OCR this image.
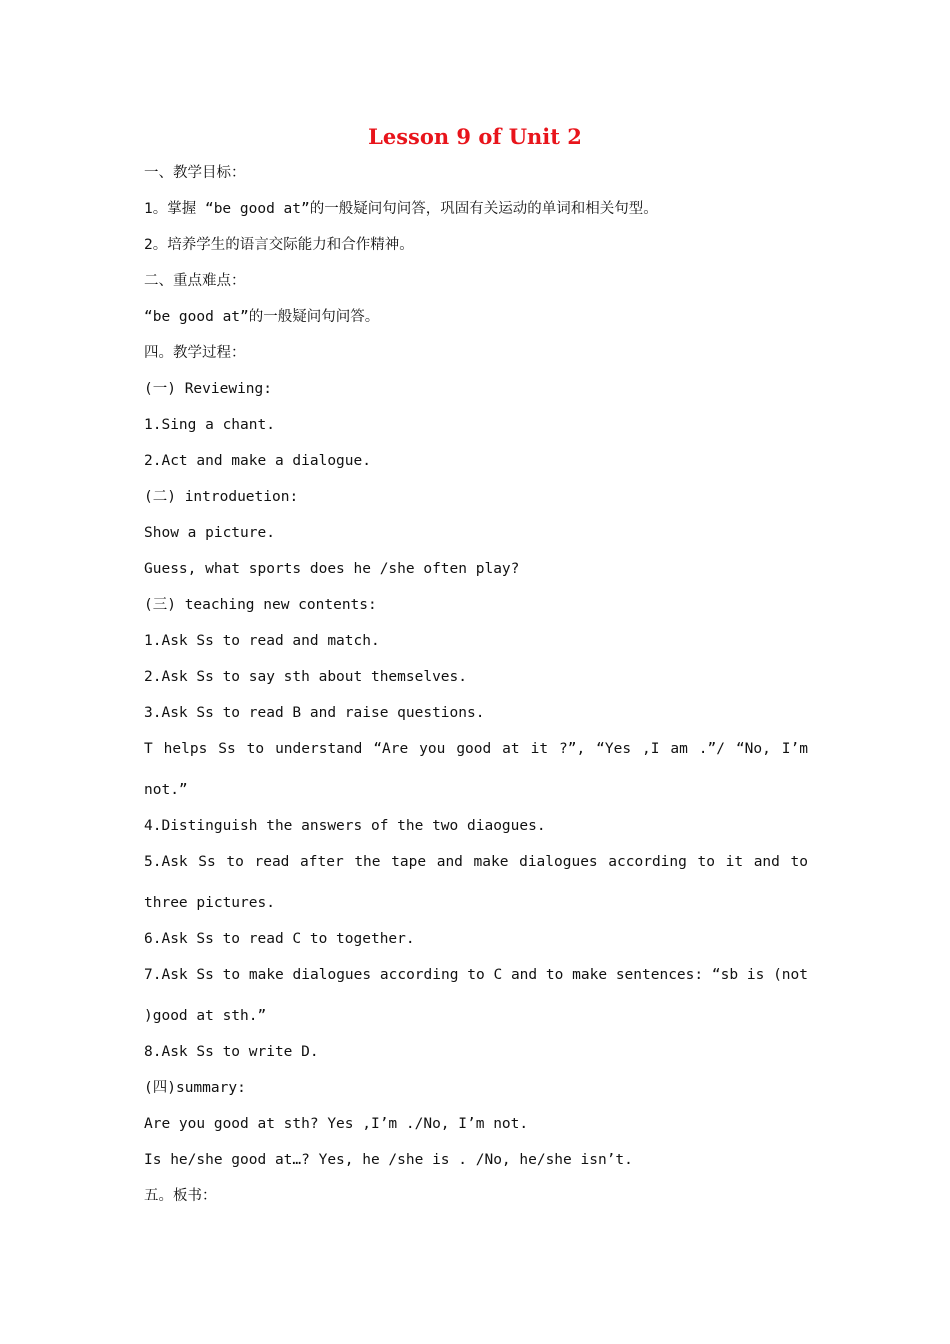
Lesson 9 of Unit 2
一、教学目标：
1。掌握 “be good at”的一般疑问句问答，巩固有关运动的单词和相关句型。
2。培养学生的语言交际能力和合作精神。
二、重点难点：
“be good at”的一般疑问句问答。
四。教学过程：
(一) Reviewing:
1.Sing a chant.
2.Act and make a dialogue.
(二) introduetion:
Show a picture.
Guess, what sports does he /she often play?
(三) teaching new contents:
1.Ask Ss to read and match.
2.Ask Ss to say sth about themselves.
3.Ask Ss to read B and raise questions.
T helps Ss to understand “Are you good at it ?”, “Yes ,I am .”/ “No, I’m not.”
4.Distinguish the answers of the two diaogues.
5.Ask Ss to read after the tape and make dialogues according to it and to three pictures.
6.Ask Ss to read C to together.
7.Ask Ss to make dialogues according to C and to make sentences: “sb is (not )good at sth.”
8.Ask Ss to write D.
(四)summary:
Are you good at sth? Yes ,I’m ./No, I’m not.
Is he/she good at…? Yes, he /she is . /No, he/she isn’t.
五。板书：
